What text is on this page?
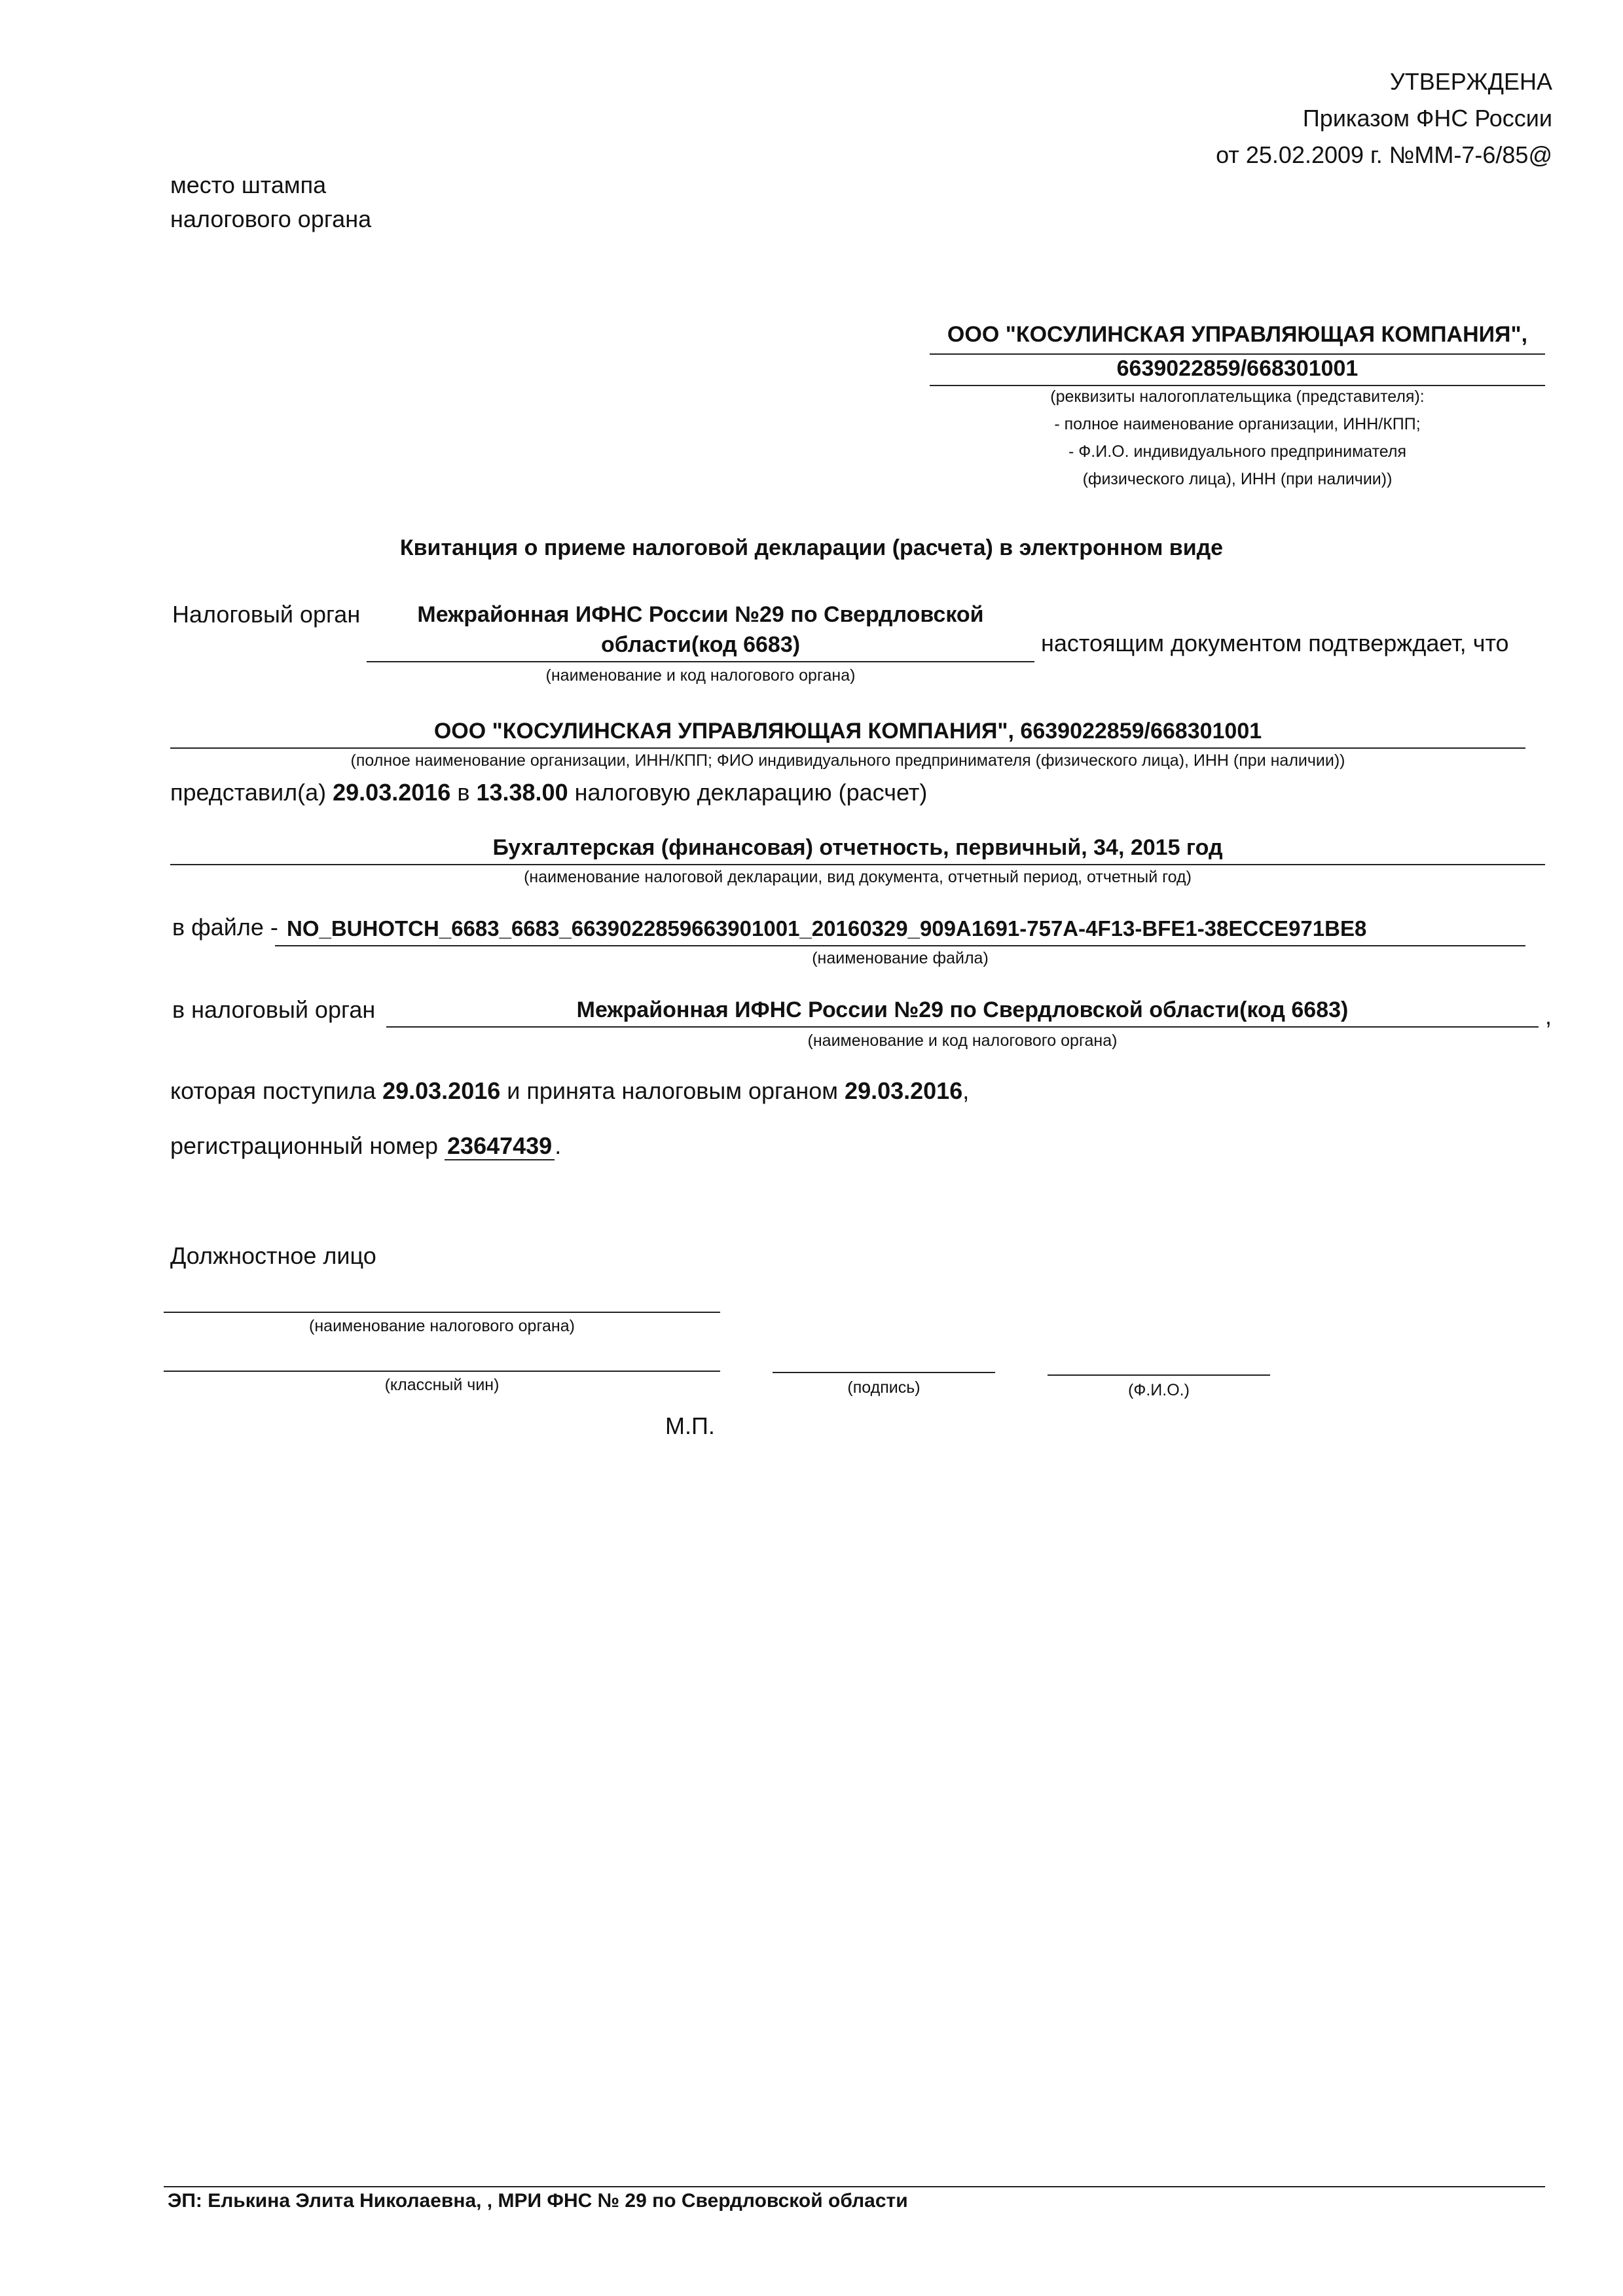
УТВЕРЖДЕНА
Приказом ФНС России
от 25.02.2009 г. №ММ-7-6/85@
место штампа
налогового органа
ООО "КОСУЛИНСКАЯ УПРАВЛЯЮЩАЯ КОМПАНИЯ",
6639022859/668301001
(реквизиты налогоплательщика (представителя):
- полное наименование организации, ИНН/КПП;
- Ф.И.О. индивидуального предпринимателя
(физического лица), ИНН (при наличии))
Квитанция о приеме налоговой декларации (расчета) в электронном виде
Налоговый орган	Межрайонная ИФНС России №29 по Свердловской
области(код 6683)	настоящим документом подтверждает, что
(наименование и код налогового органа)
ООО "КОСУЛИНСКАЯ УПРАВЛЯЮЩАЯ КОМПАНИЯ", 6639022859/668301001
(полное наименование организации, ИНН/КПП; ФИО индивидуального предпринимателя (физического лица), ИНН (при наличии))
представил(а) 29.03.2016 в 13.38.00 налоговую декларацию (расчет)
Бухгалтерская (финансовая) отчетность, первичный, 34, 2015 год
(наименование налоговой декларации, вид документа, отчетный период, отчетный год)
в файле - NO_BUHOTCH_6683_6683_6639022859663901001_20160329_909A1691-757A-4F13-BFE1-38ECCE971BE8
(наименование файла)
в налоговый орган	Межрайонная ИФНС России №29 по Свердловской области(код 6683)	,
(наименование и код налогового органа)
которая поступила 29.03.2016 и принята налоговым органом 29.03.2016,
регистрационный номер 23647439 .
Должностное лицо
(наименование налогового органа)
(классный чин)	(подпись)	(Ф.И.О.)
М.П.
ЭП: Елькина Элита Николаевна, , МРИ ФНС № 29 по Свердловской области
